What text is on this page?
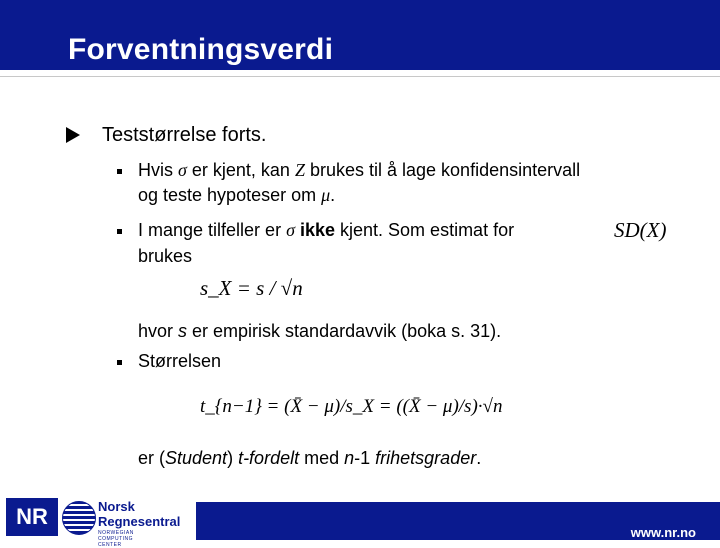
Forventningsverdi
Teststørrelse forts.
Hvis σ er kjent, kan Z brukes til å lage konfidensintervall
og teste hypoteser om μ.
I mange tilfeller er σ ikke kjent. Som estimat for	SD(X)
brukes
s_X = s / √n
hvor s er empirisk standardavvik (boka s. 31).
Størrelsen
t_{n−1} = (X̄ − μ)/s_X = ((X̄ − μ)/s)·√n
er (Student) t-fordelt med n-1 frihetsgrader.
NR	Norsk
Regnesentral
NORWEGIAN COMPUTING CENTER
www.nr.no
